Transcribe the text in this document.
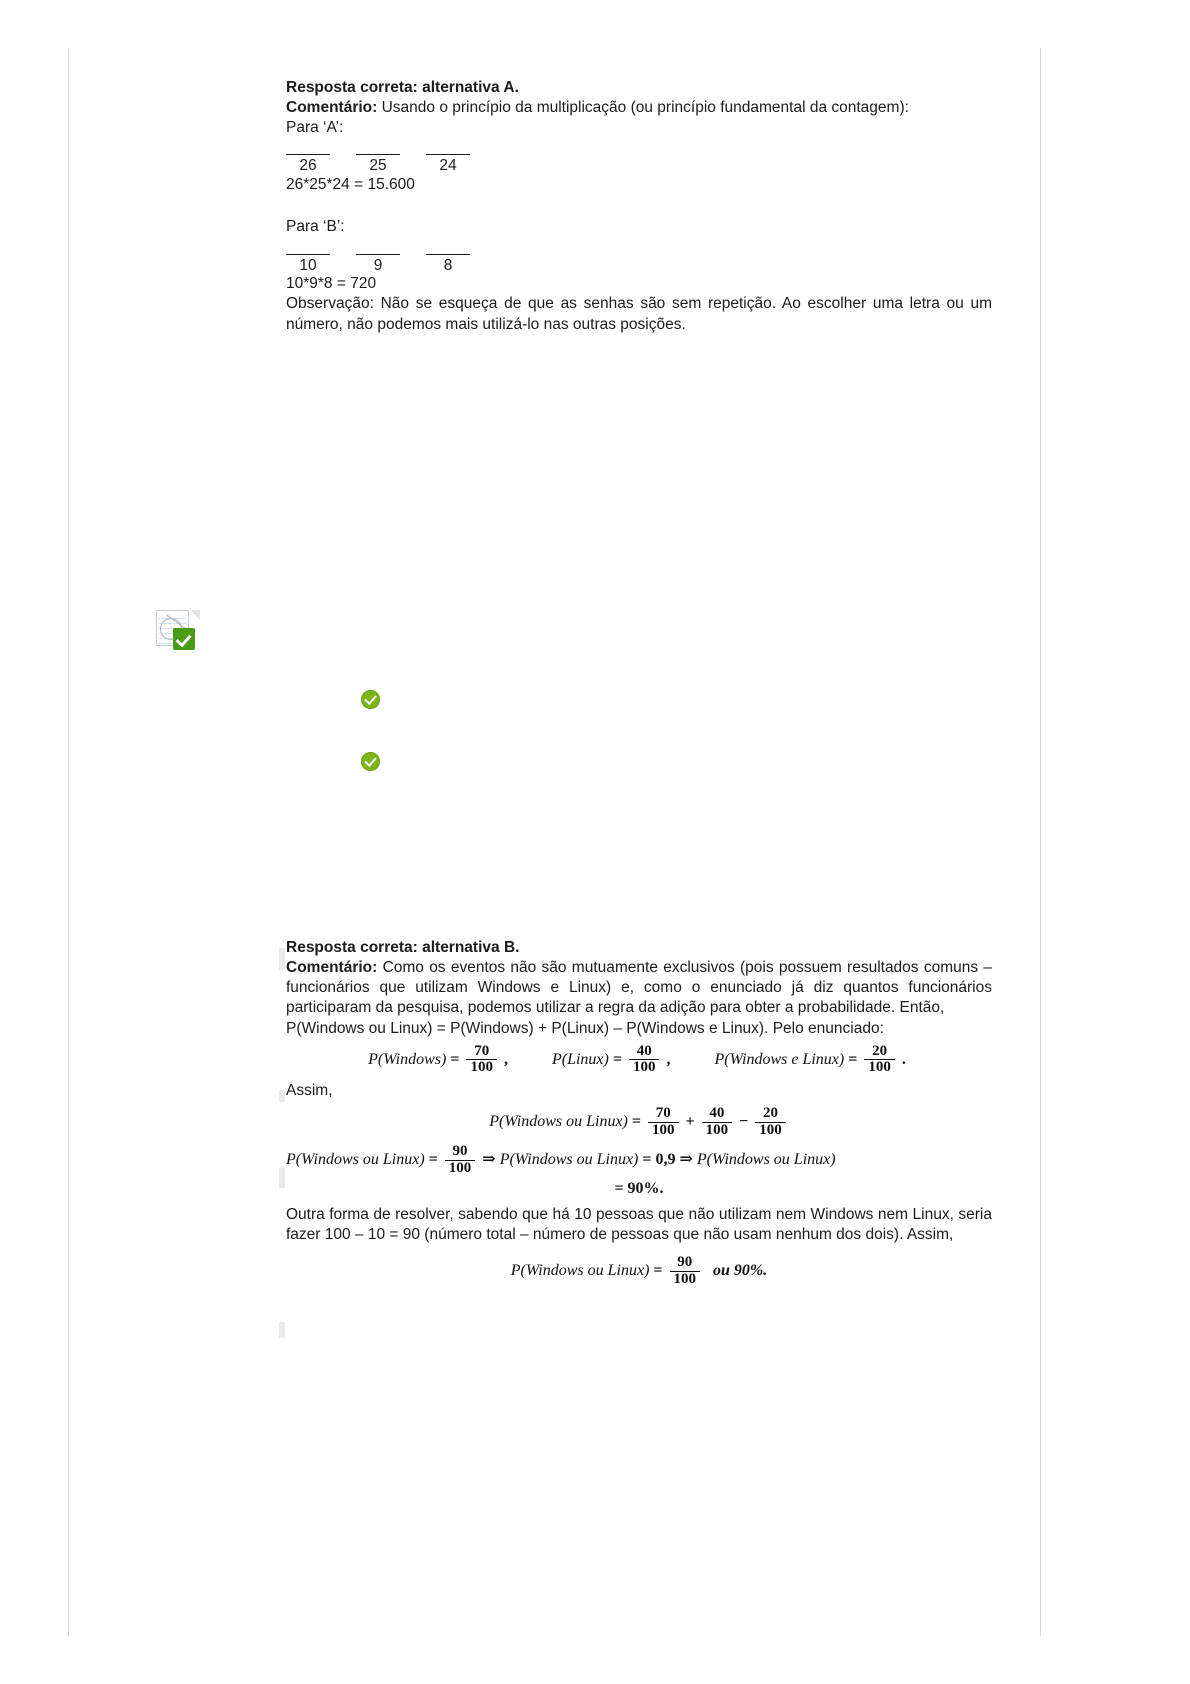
Resposta correta: alternativa A.

Comentário: Usando o princípio da multiplicação (ou princípio fundamental da contagem):

Para ‘A’:

26	25	24

26*25*24 = 15.600

Para ‘B’:

10	9	8

10*9*8 = 720

Observação: Não se esqueça de que as senhas são sem repetição. Ao escolher uma letra ou um número, não podemos mais utilizá-lo nas outras posições.

Resposta correta: alternativa B.

Comentário: Como os eventos não são mutuamente exclusivos (pois possuem resultados comuns – funcionários que utilizam Windows e Linux) e, como o enunciado já diz quantos funcionários participaram da pesquisa, podemos utilizar a regra da adição para obter a probabilidade. Então,

P(Windows ou Linux) = P(Windows) + P(Linux) – P(Windows e Linux). Pelo enunciado:

P(Windows) = $\frac{70}{100}$ ,	P(Linux) = $\frac{40}{100}$ ,	P(Windows e Linux) = $\frac{20}{100}$ .

Assim,

P(Windows ou Linux) = $\frac{70}{100} + \frac{40}{100} - \frac{20}{100}$
P(Windows ou Linux) = $\frac{90}{100}$ ⇒ P(Windows ou Linux) = 0,9 ⇒ P(Windows ou Linux)
= 90%.

Outra forma de resolver, sabendo que há 10 pessoas que não utilizam nem Windows nem Linux, seria fazer 100 – 10 = 90 (número total – número de pessoas que não usam nenhum dos dois). Assim,

P(Windows ou Linux) = $\frac{90}{100}$ ou 90%.
